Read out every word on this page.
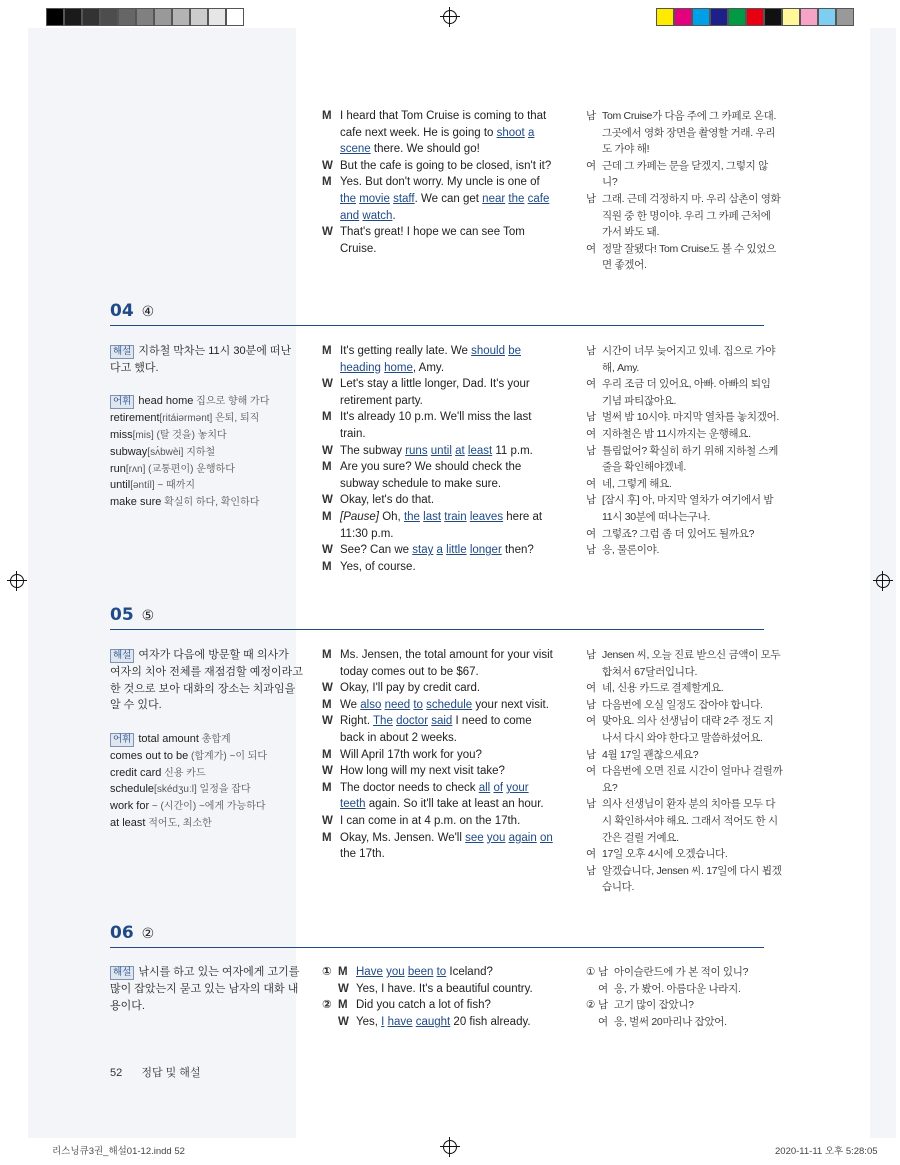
M I heard that Tom Cruise is coming to that
cafe next week. He is going to shoot a
scene there. We should go!
W But the cafe is going to be closed, isn't it?
M Yes. But don't worry. My uncle is one of
the movie staff. We can get near the cafe
and watch.
W That's great! I hope we can see Tom
Cruise.
남 Tom Cruise가 다음 주에 그 카페로 온대.
그곳에서 영화 장면을 촬영할 거래. 우리
도 가야 해!
여 근데 그 카페는 문을 닫겠지, 그렇지 않
니?
남 그래. 근데 걱정하지 마. 우리 삼촌이 영화
직원 중 한 명이야. 우리 그 카페 근처에
가서 봐도 돼.
여 정말 잘됐다! Tom Cruise도 볼 수 있었으
면 좋겠어.
04 ④
해설 지하철 막차는 11시 30분에 떠난
다고 했다.
어휘 head home 집으로 향해 가다
retirement[ritáiərmənt] 은퇴, 퇴직
miss[mis] (탈 것을) 놓치다
subway[sʌ́bwèi] 지하철
run[rʌn] (교통편이) 운행하다
until[əntíl] ~ 때까지
make sure 확실히 하다, 확인하다
M It's getting really late. We should be
heading home, Amy.
W Let's stay a little longer, Dad. It's your
retirement party.
M It's already 10 p.m. We'll miss the last
train.
W The subway runs until at least 11 p.m.
M Are you sure? We should check the
subway schedule to make sure.
W Okay, let's do that.
M [Pause] Oh, the last train leaves here at
11:30 p.m.
W See? Can we stay a little longer then?
M Yes, of course.
남 시간이 너무 늦어지고 있네. 집으로 가야
해, Amy.
여 우리 조금 더 있어요, 아빠. 아빠의 퇴임
기념 파티잖아요.
남 벌써 밤 10시야. 마지막 열차를 놓치겠어.
여 지하철은 밤 11시까지는 운행해요.
남 틀림없어? 확실히 하기 위해 지하철 스케
줄을 확인해야겠네.
여 네, 그렇게 해요.
남 [잠시 후] 아, 마지막 열차가 여기에서 밤
11시 30분에 떠나는구나.
여 그렇죠? 그럼 좀 더 있어도 될까요?
남 응, 물론이야.
05 ⑤
해설 여자가 다음에 방문할 때 의사가
여자의 치아 전체를 재점검할 예정이라고
한 것으로 보아 대화의 장소는 치과임을
알 수 있다.
어휘 total amount 총합계
comes out to be (합계가) ~이 되다
credit card 신용 카드
schedule[skédʒuːl] 일정을 잡다
work for ~ (시간이) ~에게 가능하다
at least 적어도, 최소한
M Ms. Jensen, the total amount for your visit
today comes out to be $67.
W Okay, I'll pay by credit card.
M We also need to schedule your next visit.
W Right. The doctor said I need to come
back in about 2 weeks.
M Will April 17th work for you?
W How long will my next visit take?
M The doctor needs to check all of your
teeth again. So it'll take at least an hour.
W I can come in at 4 p.m. on the 17th.
M Okay, Ms. Jensen. We'll see you again on
the 17th.
남 Jensen 씨, 오늘 진료 받으신 금액이 모두
합쳐서 67달러입니다.
여 네, 신용 카드로 결제할게요.
남 다음번에 오실 일정도 잡아야 합니다.
여 맞아요. 의사 선생님이 대략 2주 정도 지
나서 다시 와야 한다고 말씀하셨어요.
남 4월 17일 괜찮으세요?
여 다음번에 오면 진료 시간이 얼마나 걸릴까
요?
남 의사 선생님이 환자 분의 치아를 모두 다
시 확인하셔야 해요. 그래서 적어도 한 시
간은 걸릴 거예요.
여 17일 오후 4시에 오겠습니다.
남 알겠습니다, Jensen 씨. 17일에 다시 뵙겠
습니다.
06 ②
해설 낚시를 하고 있는 여자에게 고기를
많이 잡았는지 묻고 있는 남자의 대화 내
용이다.
① M Have you been to Iceland?
W Yes, I have. It's a beautiful country.
② M Did you catch a lot of fish?
W Yes, I have caught 20 fish already.
① 남 아이슬란드에 가 본 적이 있니?
여 응, 가 봤어. 아름다운 나라지.
② 남 고기 많이 잡았니?
여 응, 벌써 20마리나 잡았어.
52 정답 및 해설
리스닝큐3권_해설01-12.indd 52	2020-11-11 오후 5:28:05
